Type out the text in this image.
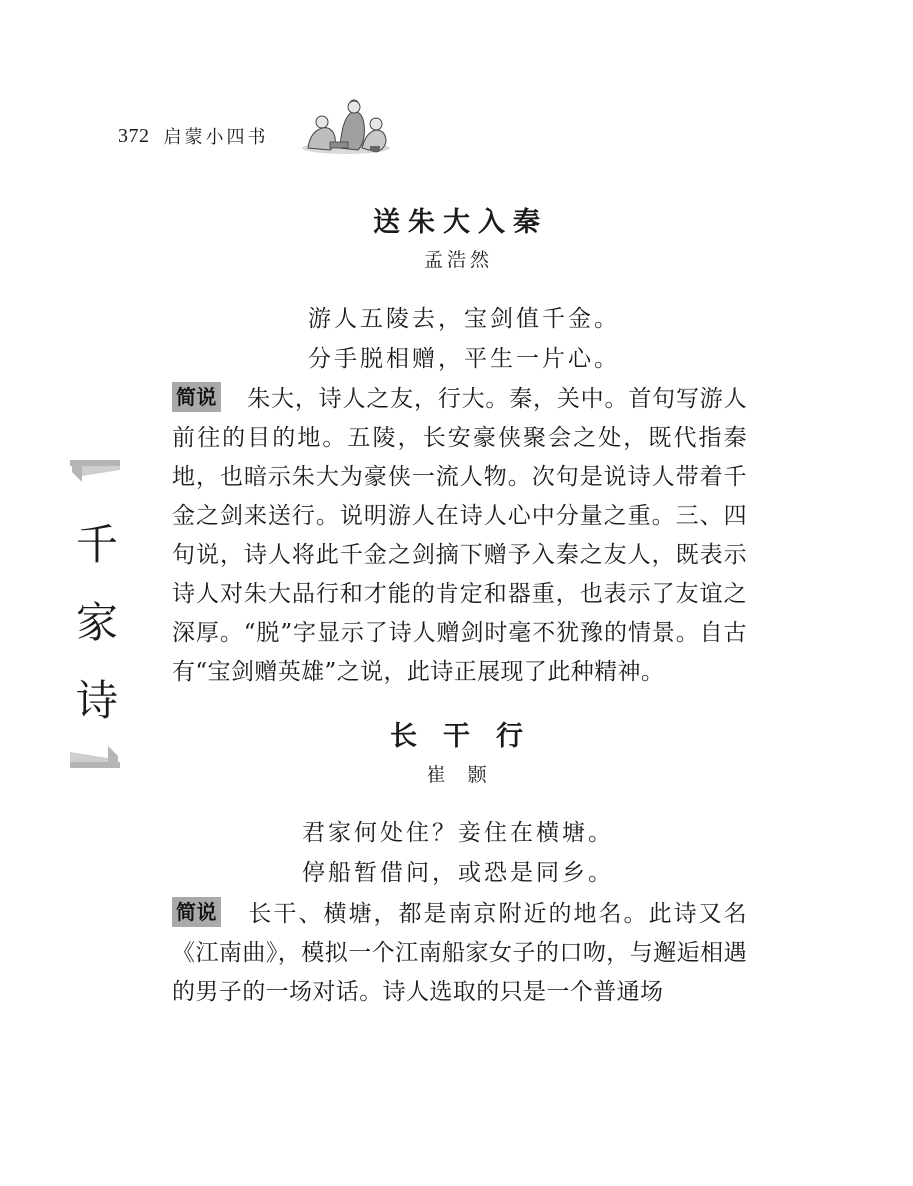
372 启蒙小四书
千
家
诗
送朱大入秦
孟浩然
游人五陵去，宝剑值千金。
分手脱相赠，平生一片心。
简说 朱大，诗人之友，行大。秦，关中。首句写游人前往的目的地。五陵，长安豪侠聚会之处，既代指秦地，也暗示朱大为豪侠一流人物。次句是说诗人带着千金之剑来送行。说明游人在诗人心中分量之重。三、四句说，诗人将此千金之剑摘下赠予入秦之友人，既表示诗人对朱大品行和才能的肯定和器重，也表示了友谊之深厚。“脱”字显示了诗人赠剑时毫不犹豫的情景。自古有“宝剑赠英雄”之说，此诗正展现了此种精神。
长干行
崔颢
君家何处住？妾住在横塘。
停船暂借问，或恐是同乡。
简说 长干、横塘，都是南京附近的地名。此诗又名《江南曲》，模拟一个江南船家女子的口吻，与邂逅相遇的男子的一场对话。诗人选取的只是一个普通场
